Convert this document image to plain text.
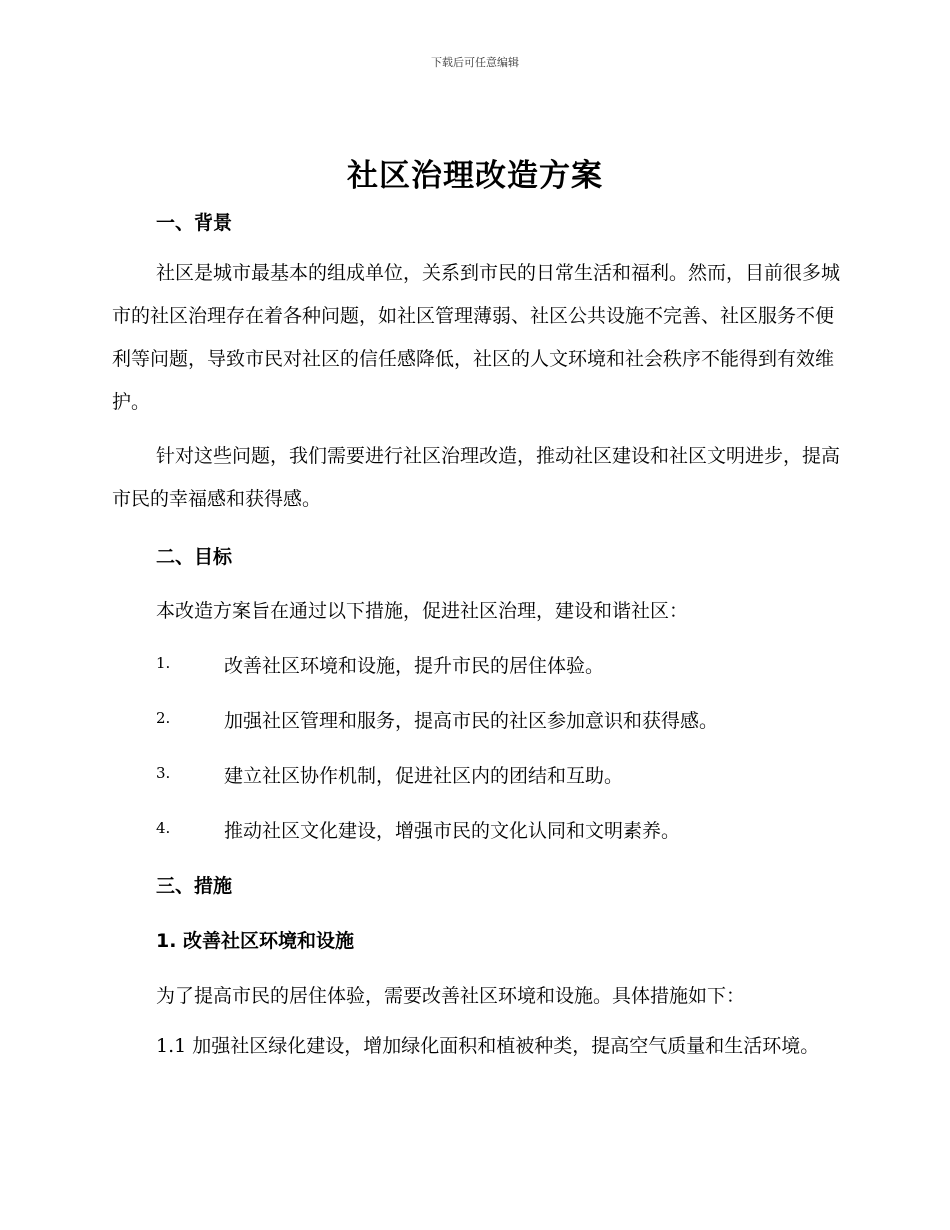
下载后可任意编辑
社区治理改造方案
一、背景

社区是城市最基本的组成单位，关系到市民的日常生活和福利。然而，目前很多城市的社区治理存在着各种问题，如社区管理薄弱、社区公共设施不完善、社区服务不便利等问题，导致市民对社区的信任感降低，社区的人文环境和社会秩序不能得到有效维护。

针对这些问题，我们需要进行社区治理改造，推动社区建设和社区文明进步，提高市民的幸福感和获得感。

二、目标
本改造方案旨在通过以下措施，促进社区治理，建设和谐社区：
1.	改善社区环境和设施，提升市民的居住体验。
2.	加强社区管理和服务，提高市民的社区参加意识和获得感。
3.	建立社区协作机制，促进社区内的团结和互助。
4.	推动社区文化建设，增强市民的文化认同和文明素养。
三、措施
1. 改善社区环境和设施
为了提高市民的居住体验，需要改善社区环境和设施。具体措施如下：

1.1 加强社区绿化建设，增加绿化面积和植被种类，提高空气质量和生活环境。
